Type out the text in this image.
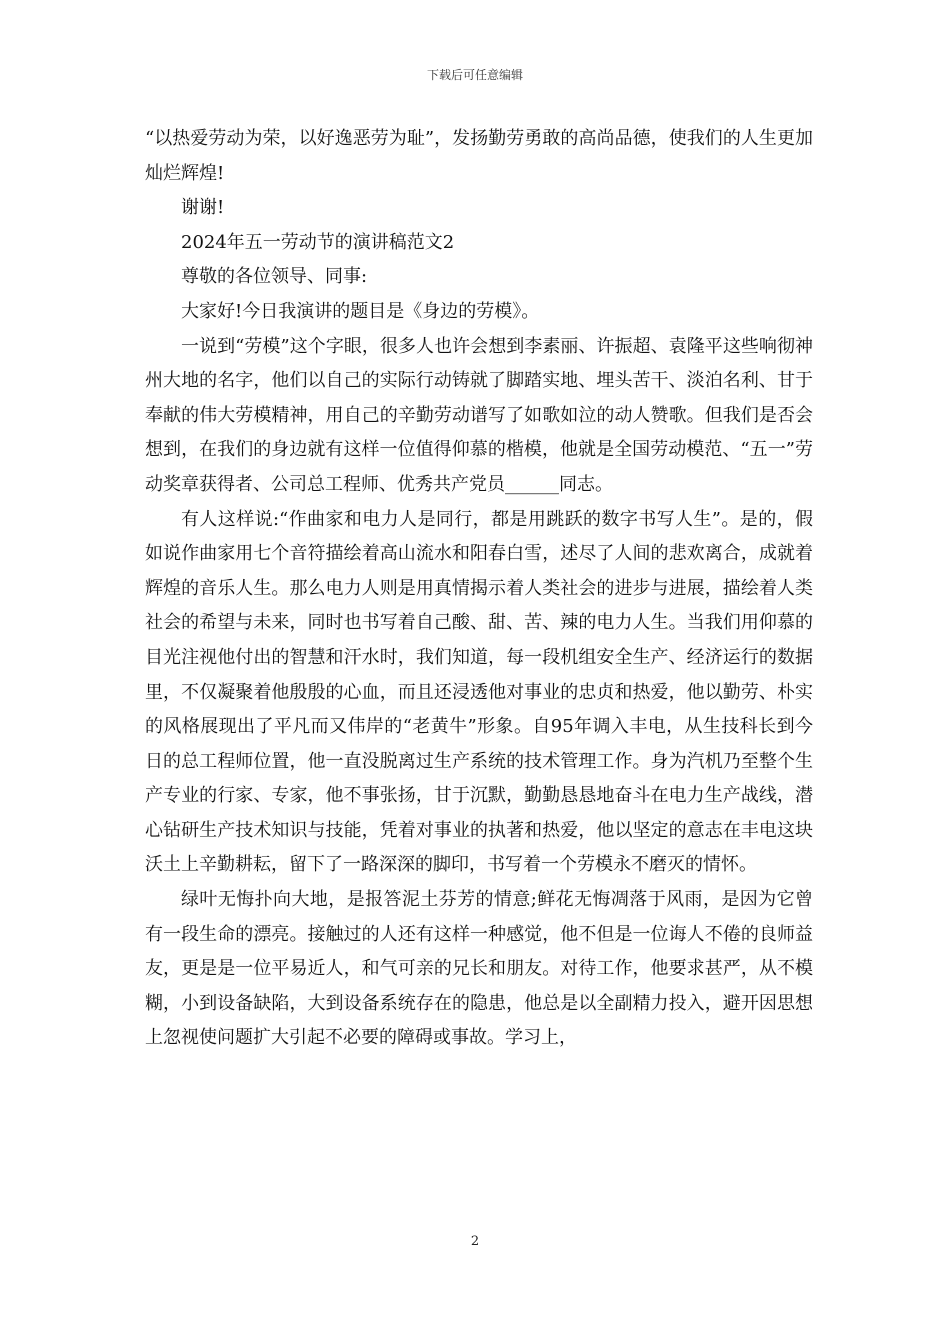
下载后可任意编辑

“以热爱劳动为荣，以好逸恶劳为耻”，发扬勤劳勇敢的高尚品德，使我们的人生更加灿烂辉煌!

谢谢!

2024年五一劳动节的演讲稿范文2

尊敬的各位领导、同事:

大家好!今日我演讲的题目是《身边的劳模》。

一说到“劳模”这个字眼，很多人也许会想到李素丽、许振超、袁隆平这些响彻神州大地的名字，他们以自己的实际行动铸就了脚踏实地、埋头苦干、淡泊名利、甘于奉献的伟大劳模精神，用自己的辛勤劳动谱写了如歌如泣的动人赞歌。但我们是否会想到，在我们的身边就有这样一位值得仰慕的楷模，他就是全国劳动模范、“五一”劳动奖章获得者、公司总工程师、优秀共产党员______同志。

有人这样说:“作曲家和电力人是同行，都是用跳跃的数字书写人生”。是的，假如说作曲家用七个音符描绘着高山流水和阳春白雪，述尽了人间的悲欢离合，成就着辉煌的音乐人生。那么电力人则是用真情揭示着人类社会的进步与进展，描绘着人类社会的希望与未来，同时也书写着自己酸、甜、苦、辣的电力人生。当我们用仰慕的目光注视他付出的智慧和汗水时，我们知道，每一段机组安全生产、经济运行的数据里，不仅凝聚着他殷殷的心血，而且还浸透他对事业的忠贞和热爱，他以勤劳、朴实的风格展现出了平凡而又伟岸的“老黄牛”形象。自95年调入丰电，从生技科长到今日的总工程师位置，他一直没脱离过生产系统的技术管理工作。身为汽机乃至整个生产专业的行家、专家，他不事张扬，甘于沉默，勤勤恳恳地奋斗在电力生产战线，潜心钻研生产技术知识与技能，凭着对事业的执著和热爱，他以坚定的意志在丰电这块沃土上辛勤耕耘，留下了一路深深的脚印，书写着一个劳模永不磨灭的情怀。

绿叶无悔扑向大地，是报答泥土芬芳的情意;鲜花无悔凋落于风雨，是因为它曾有一段生命的漂亮。接触过的人还有这样一种感觉，他不但是一位诲人不倦的良师益友，更是是一位平易近人，和气可亲的兄长和朋友。对待工作，他要求甚严，从不模糊，小到设备缺陷，大到设备系统存在的隐患，他总是以全副精力投入，避开因思想上忽视使问题扩大引起不必要的障碍或事故。学习上，

2
